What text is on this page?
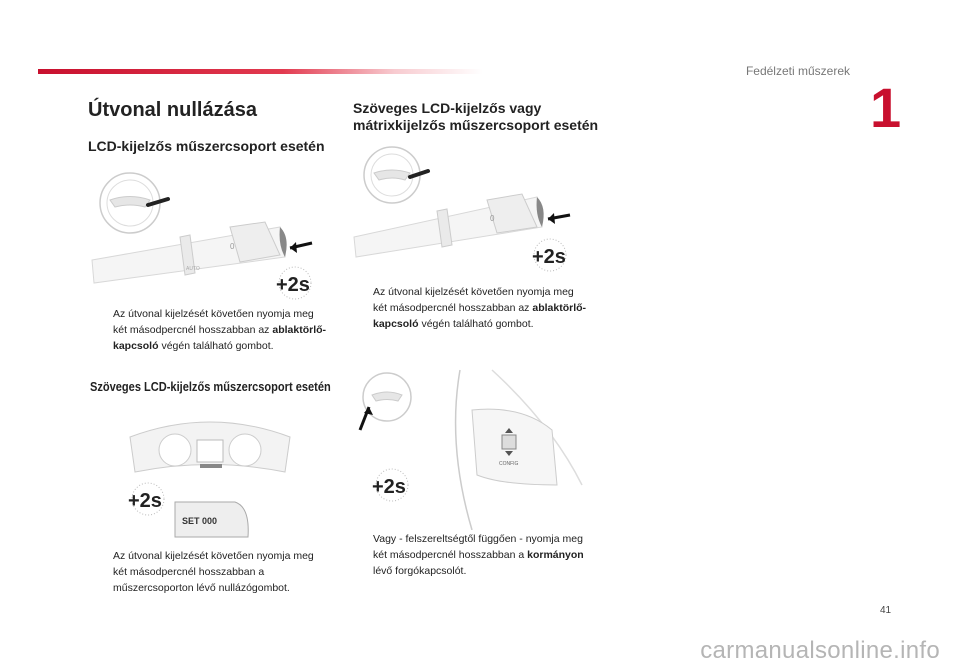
Fedélzeti műszerek
1
Útvonal nullázása
LCD-kijelzős műszercsoport esetén
0
AUTO
+2s
Az útvonal kijelzését követően nyomja meg két másodpercnél hosszabban az ablaktörlő-kapcsoló végén található gombot.
Szöveges LCD-kijelzős műszercsoport esetén
SET 000
+2s
Az útvonal kijelzését követően nyomja meg két másodpercnél hosszabban a műszercsoporton lévő nullázógombot.
Szöveges LCD-kijelzős vagy mátrixkijelzős műszercsoport esetén
0
+2s
Az útvonal kijelzését követően nyomja meg két másodpercnél hosszabban az ablaktörlő-kapcsoló végén található gombot.
CONFIG
+2s
Vagy - felszereltségtől függően - nyomja meg két másodpercnél hosszabban a kormányon lévő forgókapcsolót.
41
carmanualsonline.info
